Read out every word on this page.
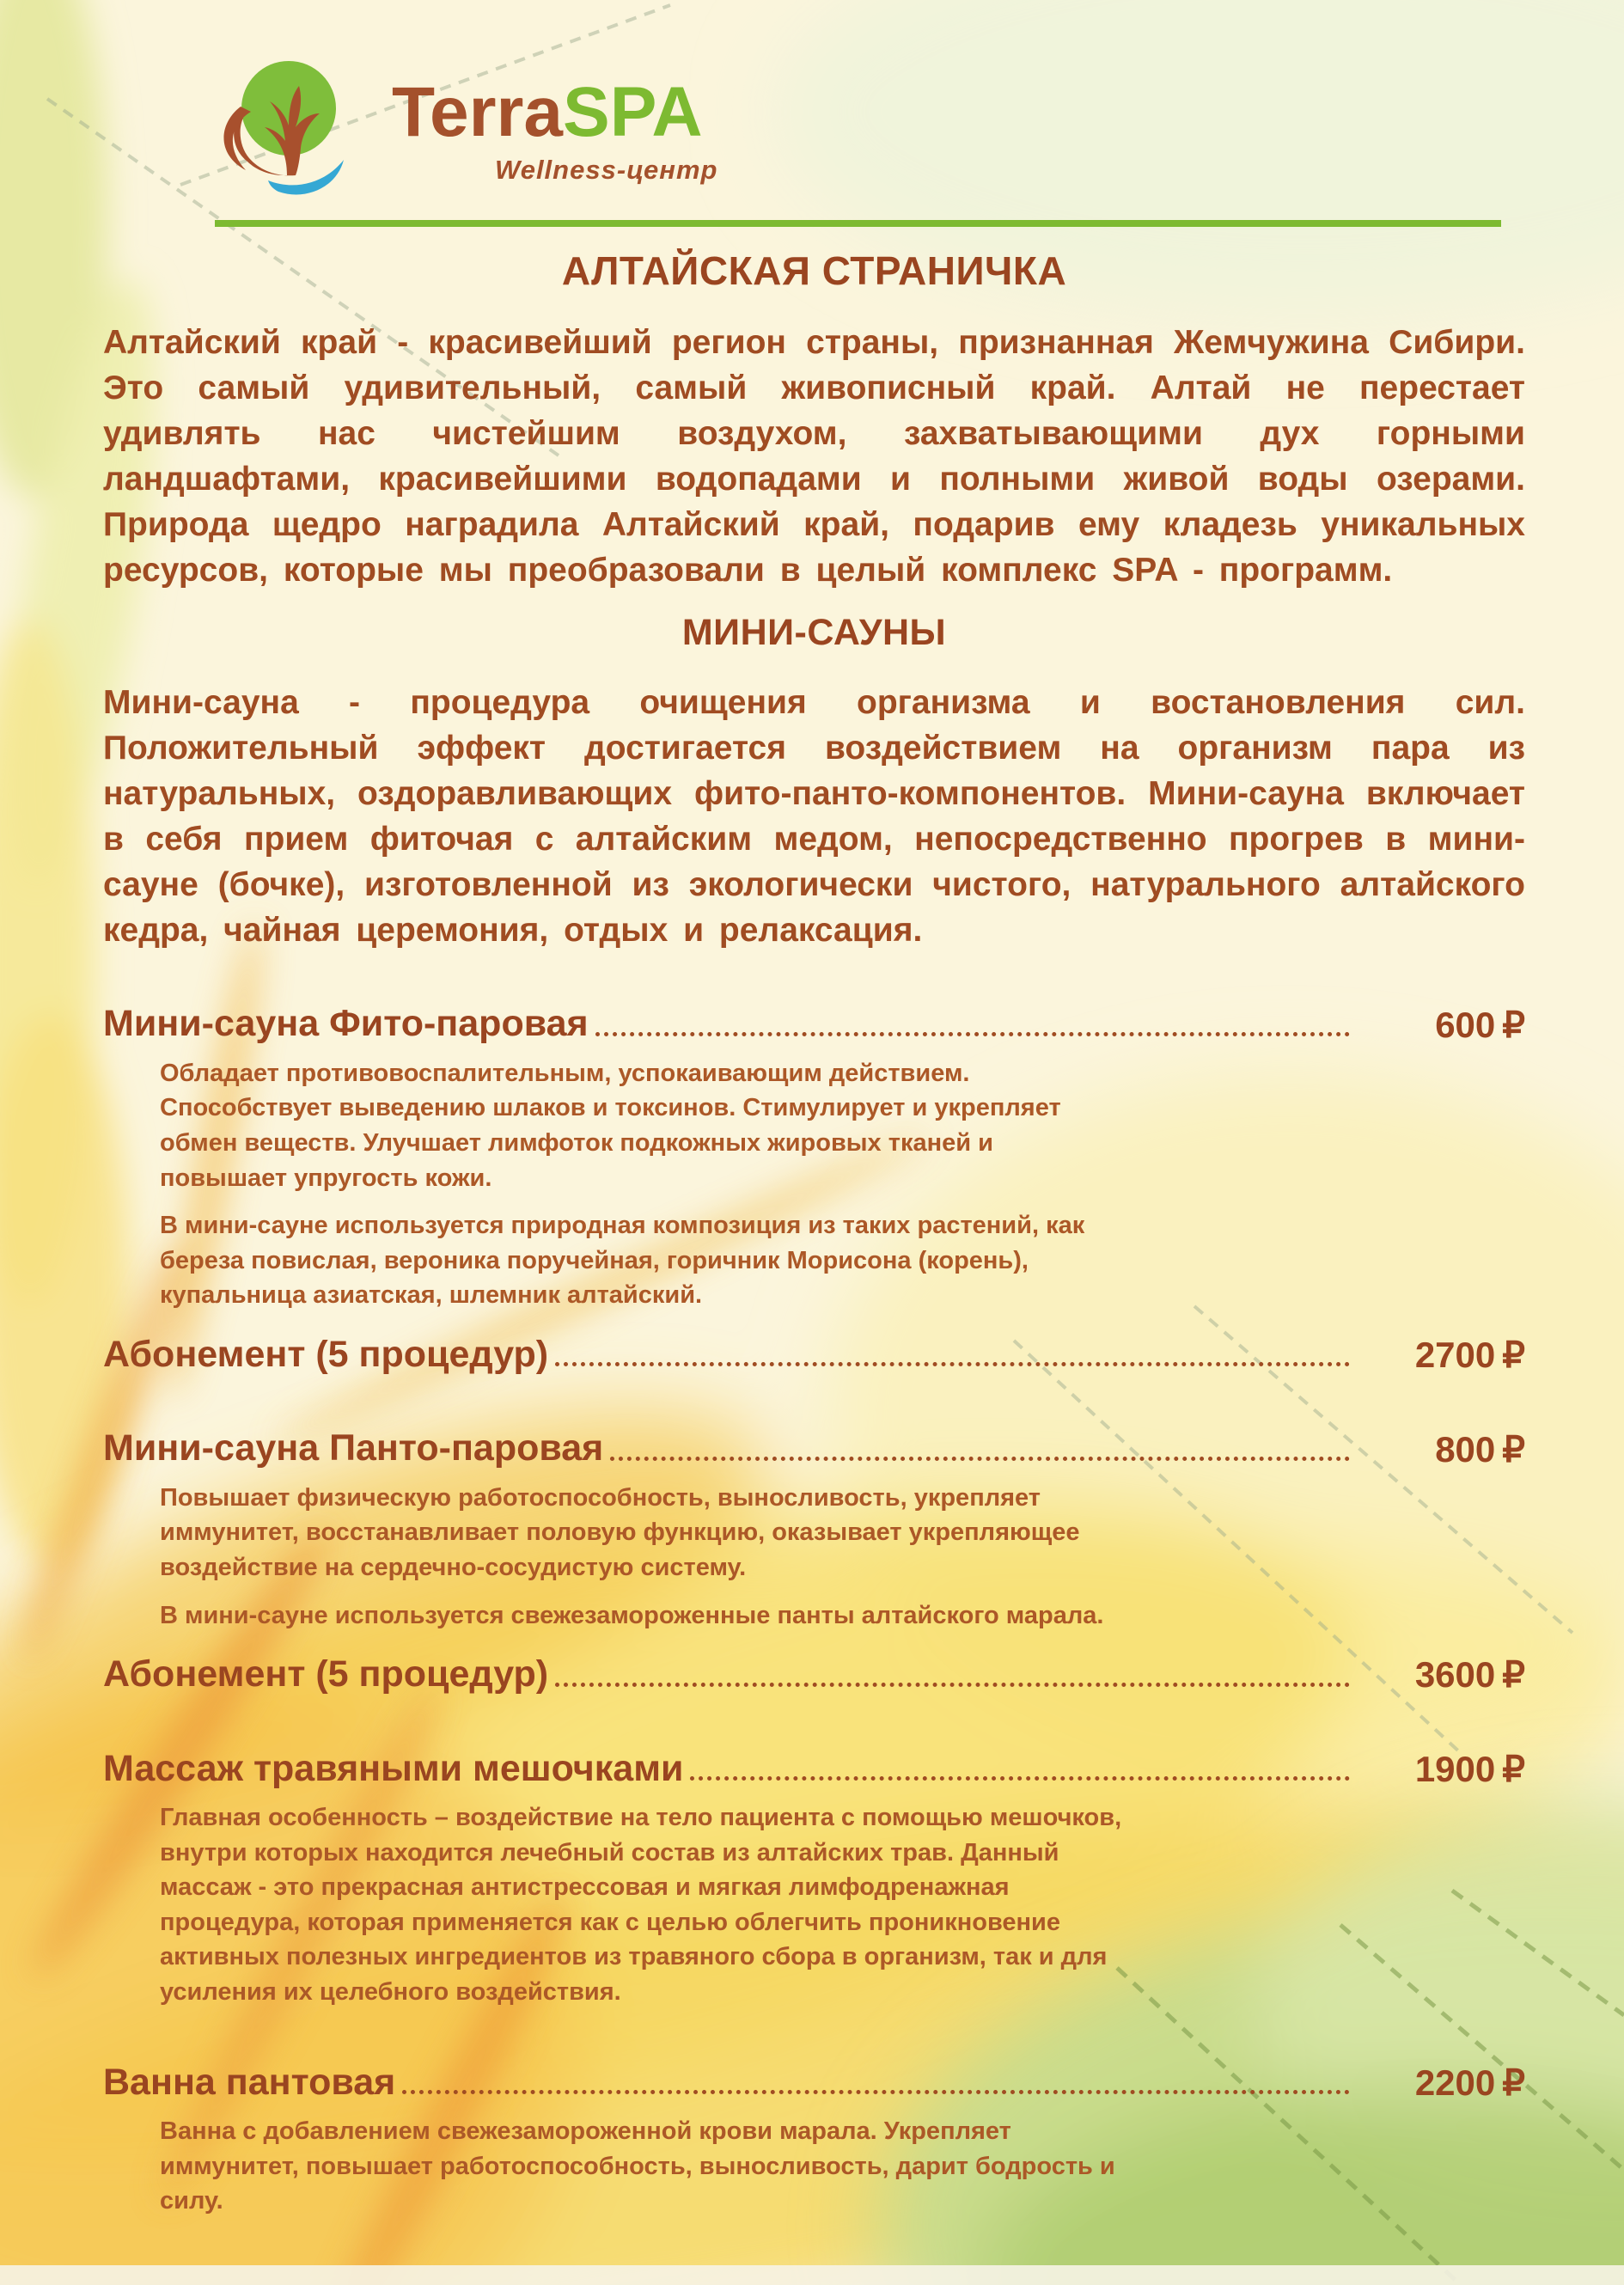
TerraSPA
Wellness-центр
АЛТАЙСКАЯ СТРАНИЧКА

Алтайский край - красивейший регион страны, признанная Жемчужина Сибири. Это самый удивительный, самый живописный край. Алтай не перестает удивлять нас чистейшим воздухом, захватывающими дух горными ландшафтами, красивейшими водопадами и полными живой воды озерами. Природа щедро наградила Алтайский край, подарив ему кладезь уникальных ресурсов, которые мы преобразовали в целый комплекс SPA - программ.

МИНИ-САУНЫ

Мини-сауна - процедура очищения организма и востановления сил. Положительный эффект достигается воздействием на организм пара из натуральных, оздоравливающих фито-панто-компонентов. Мини-сауна включает в себя прием фиточая с алтайским медом, непосредственно прогрев в мини-сауне (бочке), изготовленной из экологически чистого, натурального алтайского кедра, чайная церемония, отдых и релаксация.

Мини-сауна Фито-паровая	600 ₽

Обладает противовоспалительным, успокаивающим действием. Способствует выведению шлаков и токсинов. Стимулирует и укрепляет обмен веществ. Улучшает лимфоток подкожных жировых тканей и повышает упругость кожи.

В мини-сауне используется природная композиция из таких растений, как береза повислая, вероника поручейная, горичник Морисона (корень), купальница азиатская, шлемник алтайский.

Абонемент (5 процедур)	2700 ₽
Мини-сауна Панто-паровая	800 ₽

Повышает физическую работоспособность, выносливость, укрепляет иммунитет, восстанавливает половую функцию, оказывает укрепляющее воздействие на сердечно-сосудистую систему.

В мини-сауне используется свежезамороженные панты алтайского марала.

Абонемент (5 процедур)	3600 ₽
Массаж травяными мешочками	1900 ₽

Главная особенность – воздействие на тело пациента с помощью мешочков, внутри которых находится лечебный состав из алтайских трав. Данный массаж - это прекрасная антистрессовая и мягкая лимфодренажная процедура, которая применяется как с целью облегчить проникновение активных полезных ингредиентов из травяного сбора в организм, так и для усиления их целебного воздействия.

Ванна пантовая	2200 ₽

Ванна с добавлением свежезамороженной крови марала. Укрепляет иммунитет, повышает работоспособность, выносливость, дарит бодрость и силу.
